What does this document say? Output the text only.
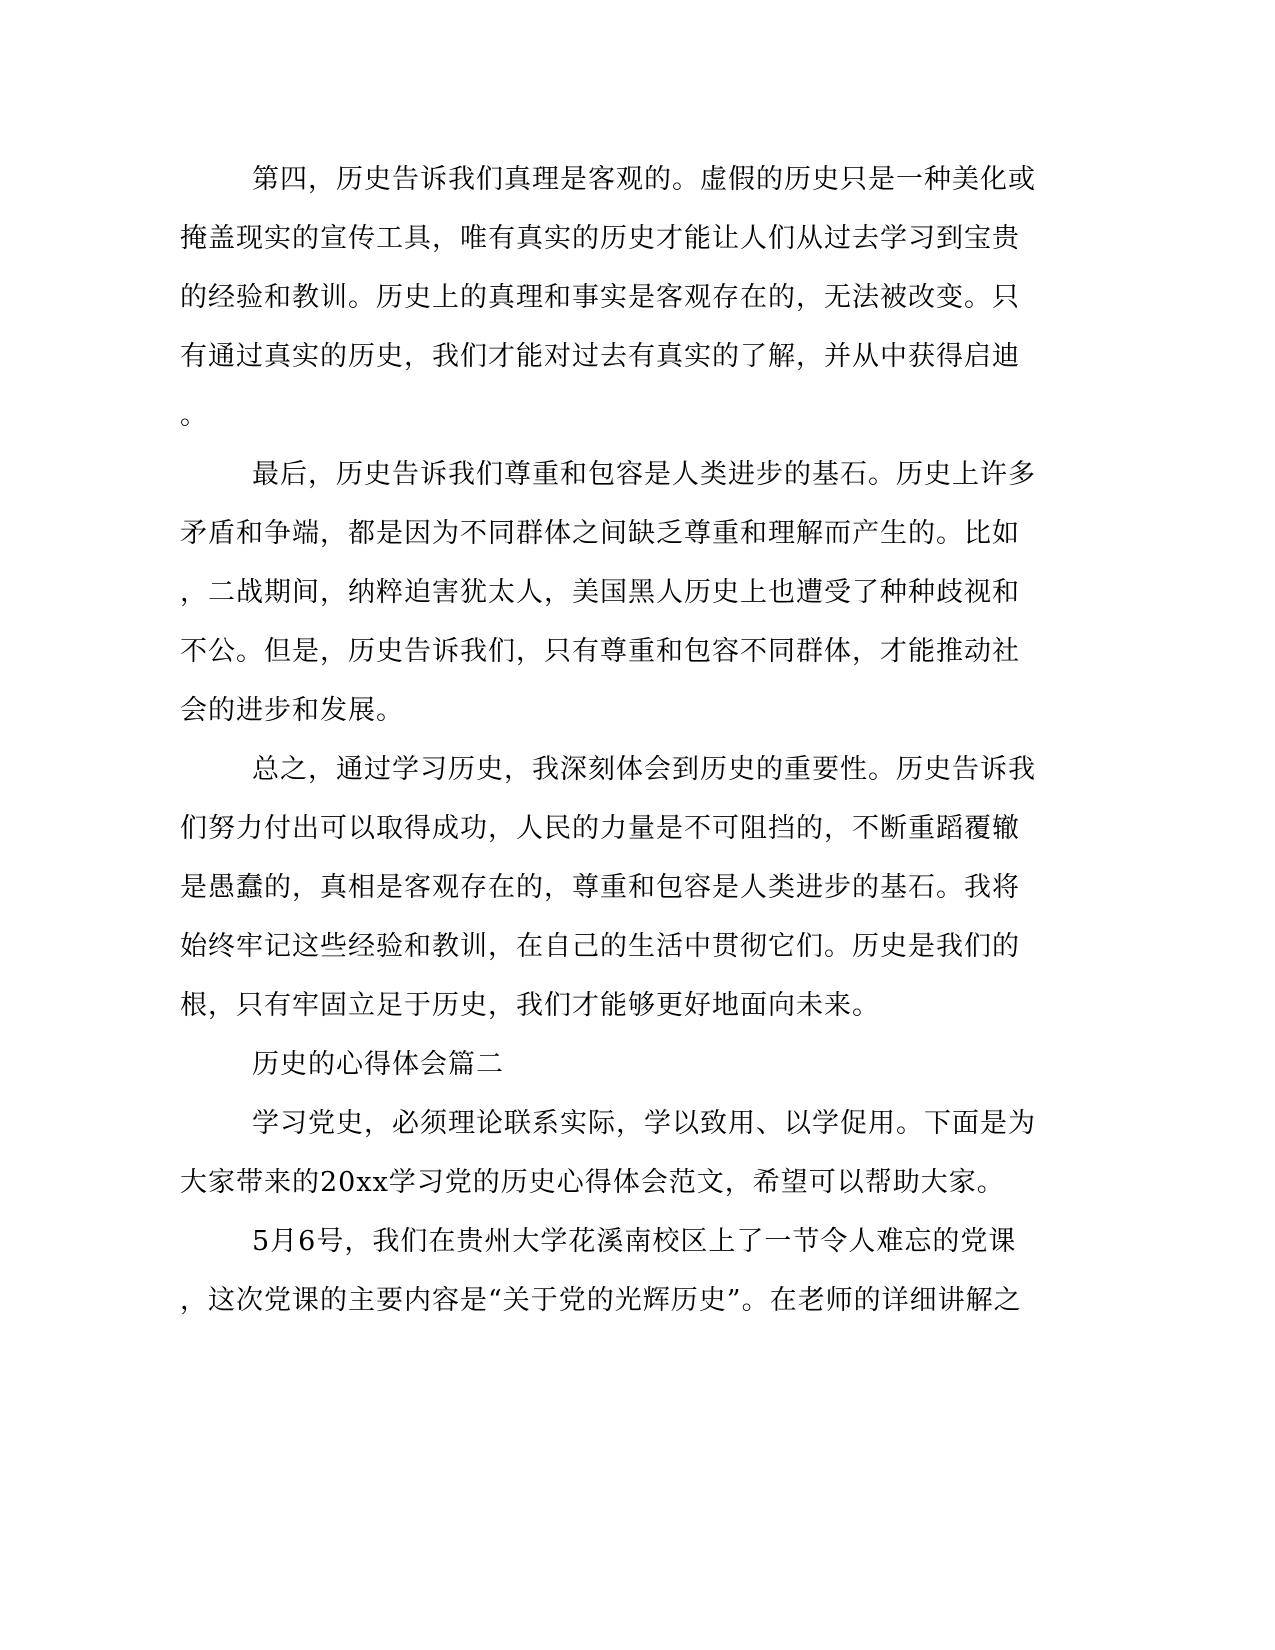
第四，历史告诉我们真理是客观的。虚假的历史只是一种美化或
掩盖现实的宣传工具，唯有真实的历史才能让人们从过去学习到宝贵
的经验和教训。历史上的真理和事实是客观存在的，无法被改变。只
有通过真实的历史，我们才能对过去有真实的了解，并从中获得启迪
。
最后，历史告诉我们尊重和包容是人类进步的基石。历史上许多
矛盾和争端，都是因为不同群体之间缺乏尊重和理解而产生的。比如
，二战期间，纳粹迫害犹太人，美国黑人历史上也遭受了种种歧视和
不公。但是，历史告诉我们，只有尊重和包容不同群体，才能推动社
会的进步和发展。
总之，通过学习历史，我深刻体会到历史的重要性。历史告诉我
们努力付出可以取得成功，人民的力量是不可阻挡的，不断重蹈覆辙
是愚蠢的，真相是客观存在的，尊重和包容是人类进步的基石。我将
始终牢记这些经验和教训，在自己的生活中贯彻它们。历史是我们的
根，只有牢固立足于历史，我们才能够更好地面向未来。
历史的心得体会篇二
学习党史，必须理论联系实际，学以致用、以学促用。下面是为
大家带来的20xx学习党的历史心得体会范文，希望可以帮助大家。
5月6号，我们在贵州大学花溪南校区上了一节令人难忘的党课
，这次党课的主要内容是“关于党的光辉历史”。在老师的详细讲解之
